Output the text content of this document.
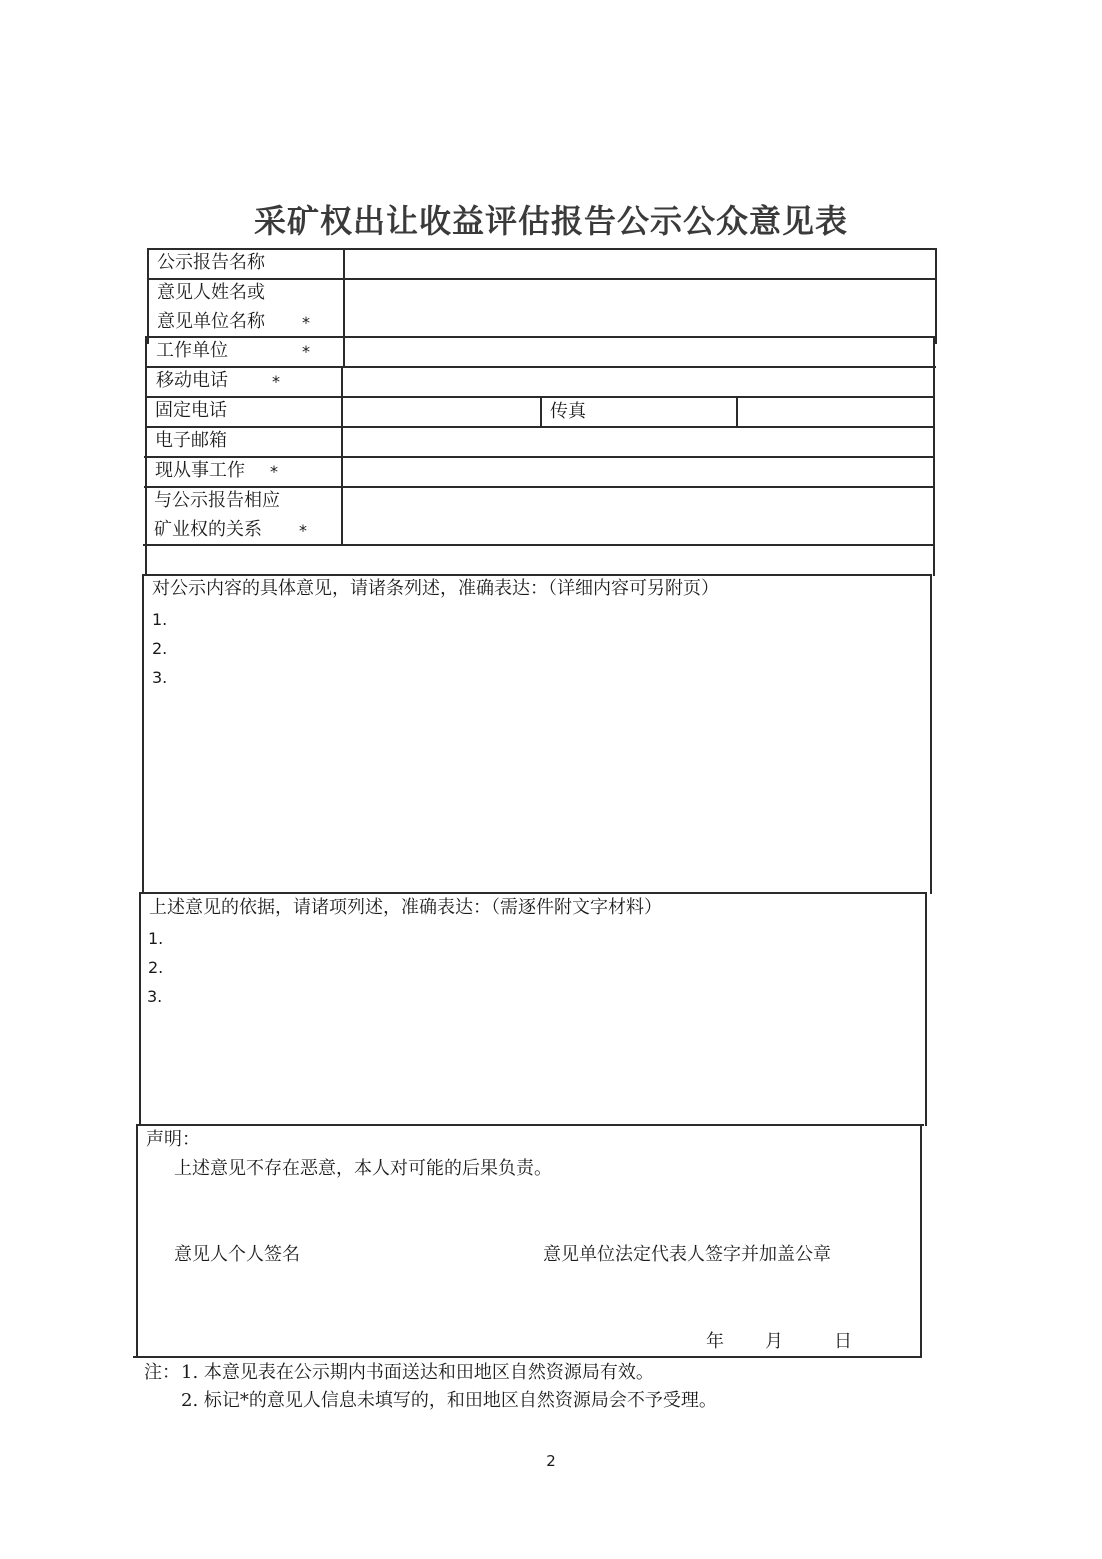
采矿权出让收益评估报告公示公众意见表
公示报告名称
意见人姓名或
意见单位名称 *
工作单位	*
移动电话	*
固定电话	传真
电子邮箱
现从事工作 *
与公示报告相应
矿业权的关系 *
对公示内容的具体意见，请诸条列述，准确表达：（详细内容可另附页）
1.
2.
3.
上述意见的依据，请诸项列述，准确表达：（需逐件附文字材料）
1.
2.
3.
声明：
上述意见不存在恶意，本人对可能的后果负责。
意见人个人签名	意见单位法定代表人签字并加盖公章
年 月	日
注： 1. 本意见表在公示期内书面送达和田地区自然资源局有效。
2. 标记*的意见人信息未填写的，和田地区自然资源局会不予受理。
2
